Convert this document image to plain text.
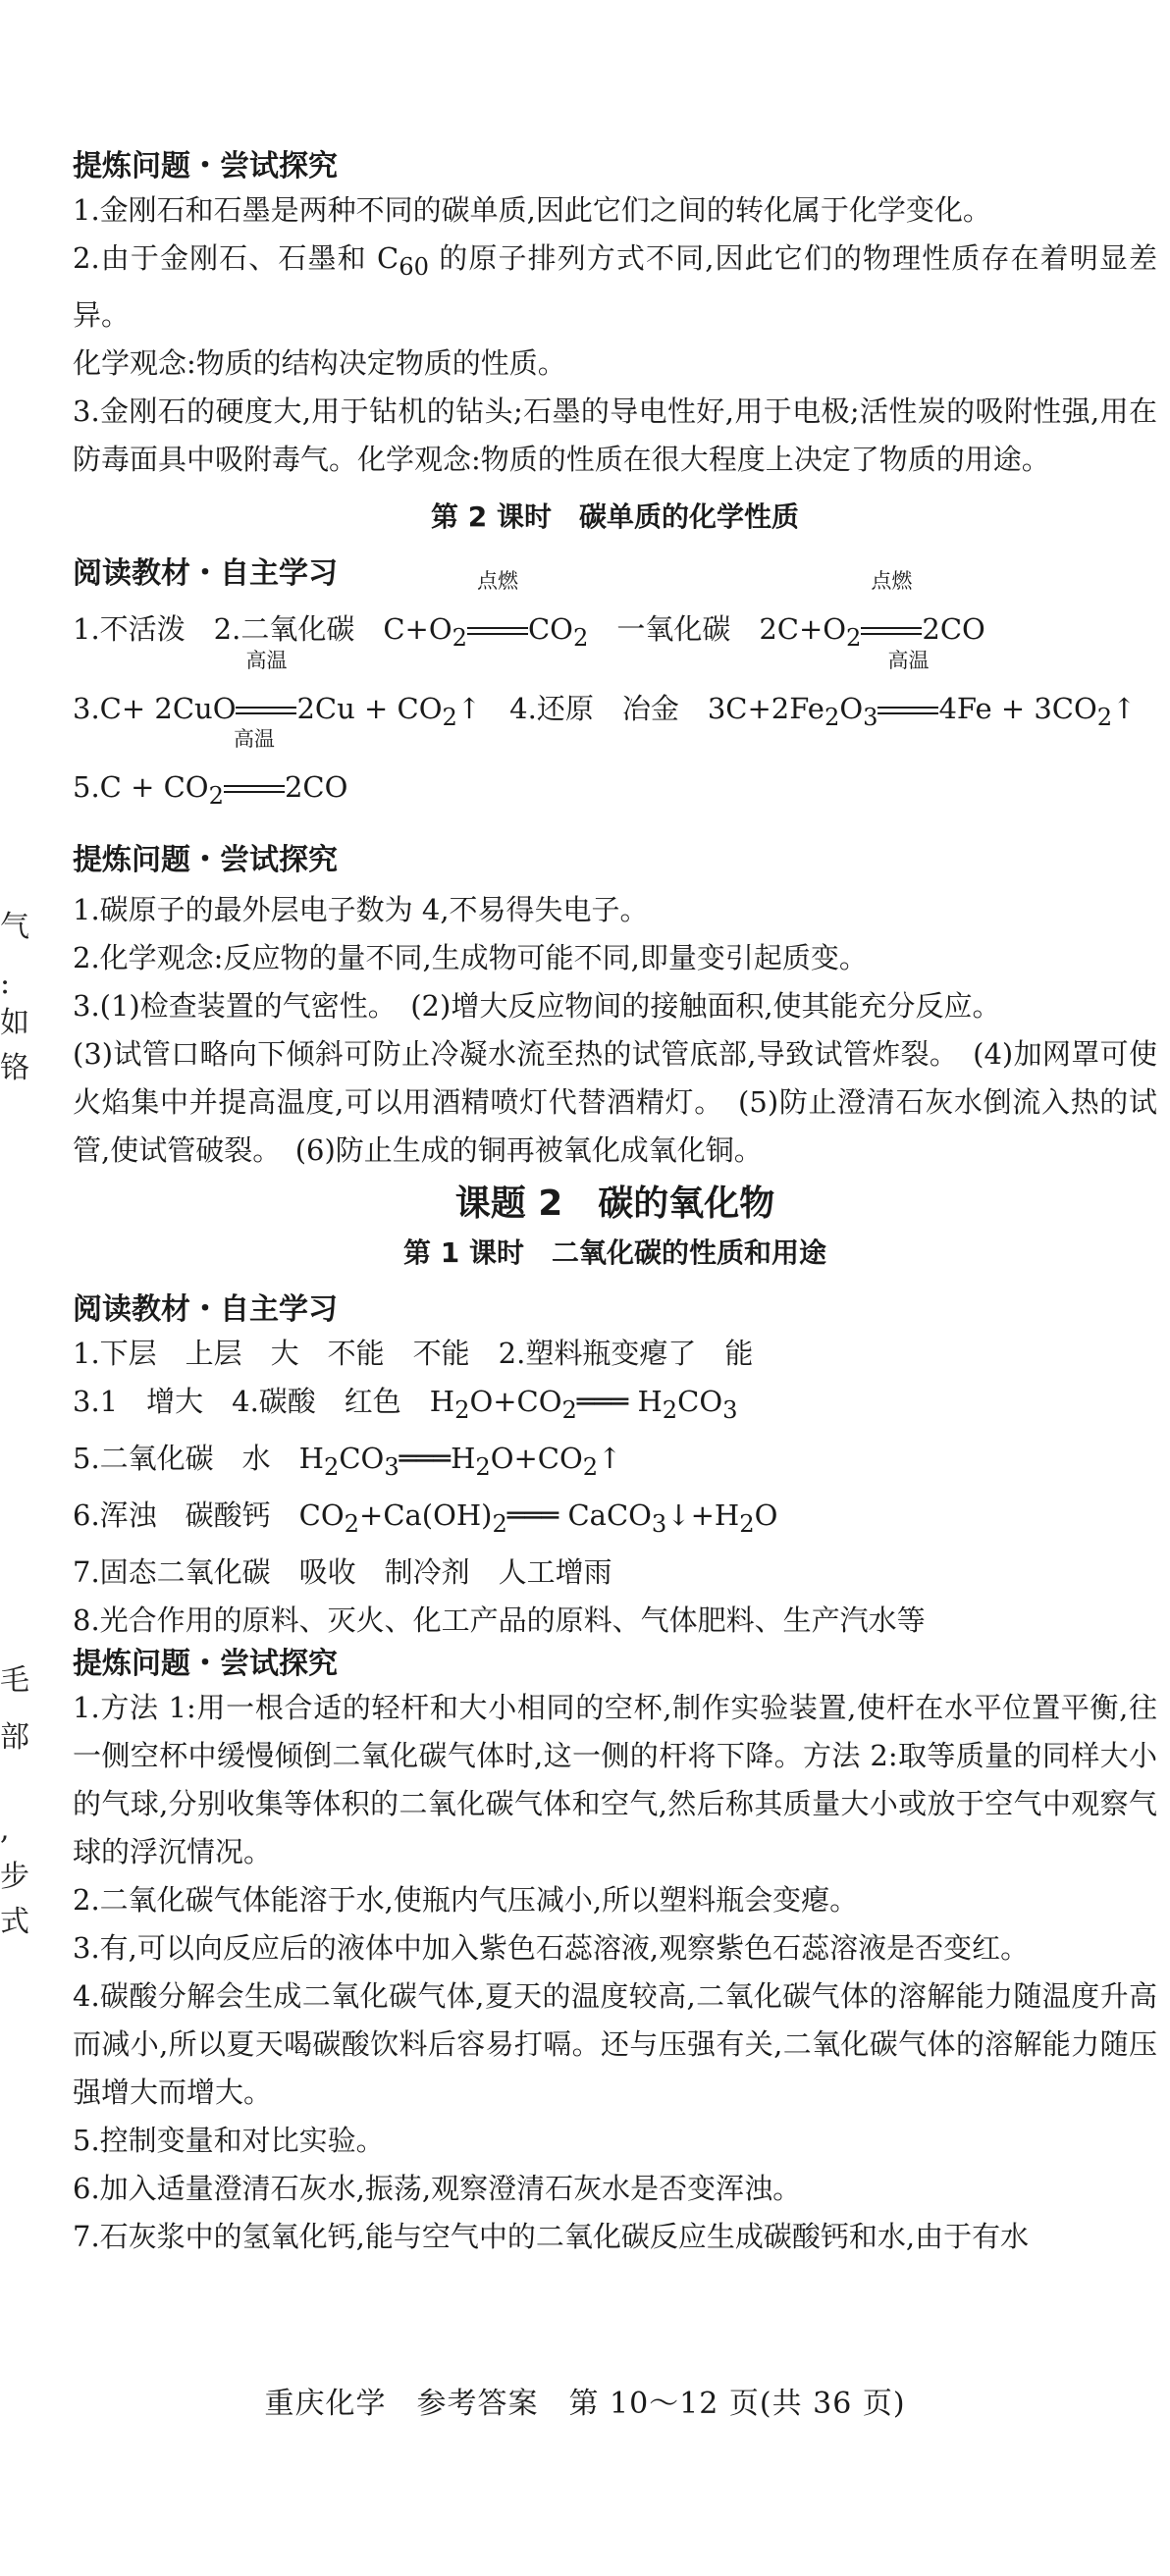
气
:
如
铬
毛
部
,
步
式

提炼问题・尝试探究

1.金刚石和石墨是两种不同的碳单质,因此它们之间的转化属于化学变化。

2.由于金刚石、石墨和 $C_{60}$ 的原子排列方式不同,因此它们的物理性质存在着明显差异。

化学观念:物质的结构决定物质的性质。

3.金刚石的硬度大,用于钻机的钻头;石墨的导电性好,用于电极;活性炭的吸附性强,用在防毒面具中吸附毒气。化学观念:物质的性质在很大程度上决定了物质的用途。

第 2 课时　碳单质的化学性质

阅读教材・自主学习

1.不活泼　2.二氧化碳　$C+O_2$
点燃
$CO_2$　一氧化碳　$2C+O_2$
点燃
2CO

3.C+ 2CuO
高温
$2Cu + CO_2↑$　4.还原　冶金　$3C+2Fe_2O_3$
高温
$4Fe + 3CO_2↑$

$5.C + CO_2$
高温
2CO

提炼问题・尝试探究

1.碳原子的最外层电子数为 4,不易得失电子。

2.化学观念:反应物的量不同,生成物可能不同,即量变引起质变。

3.(1)检查装置的气密性。　(2)增大反应物间的接触面积,使其能充分反应。

(3)试管口略向下倾斜可防止冷凝水流至热的试管底部,导致试管炸裂。　(4)加网罩可使火焰集中并提高温度,可以用酒精喷灯代替酒精灯。　(5)防止澄清石灰水倒流入热的试管,使试管破裂。　(6)防止生成的铜再被氧化成氧化铜。

课题 2　碳的氧化物

第 1 课时　二氧化碳的性质和用途

阅读教材・自主学习

1.下层　上层　大　不能　不能　2.塑料瓶变瘪了　能

3.1　增大　4.碳酸　红色　$H_2O+CO_2═══$ $H_2CO_3$

5.二氧化碳　水　$H_2CO_3═══H_2O+CO_2↑$

6.浑浊　碳酸钙　$CO_2+Ca(OH)_2═══$ $CaCO_3↓+H_2O$

7.固态二氧化碳　吸收　制冷剂　人工增雨

8.光合作用的原料、灭火、化工产品的原料、气体肥料、生产汽水等

提炼问题・尝试探究

1.方法 1:用一根合适的轻杆和大小相同的空杯,制作实验装置,使杆在水平位置平衡,往一侧空杯中缓慢倾倒二氧化碳气体时,这一侧的杆将下降。方法 2:取等质量的同样大小的气球,分别收集等体积的二氧化碳气体和空气,然后称其质量大小或放于空气中观察气球的浮沉情况。

2.二氧化碳气体能溶于水,使瓶内气压减小,所以塑料瓶会变瘪。

3.有,可以向反应后的液体中加入紫色石蕊溶液,观察紫色石蕊溶液是否变红。

4.碳酸分解会生成二氧化碳气体,夏天的温度较高,二氧化碳气体的溶解能力随温度升高而减小,所以夏天喝碳酸饮料后容易打嗝。还与压强有关,二氧化碳气体的溶解能力随压强增大而增大。

5.控制变量和对比实验。

6.加入适量澄清石灰水,振荡,观察澄清石灰水是否变浑浊。

7.石灰浆中的氢氧化钙,能与空气中的二氧化碳反应生成碳酸钙和水,由于有水

重庆化学　参考答案　第 10～12 页(共 36 页)
